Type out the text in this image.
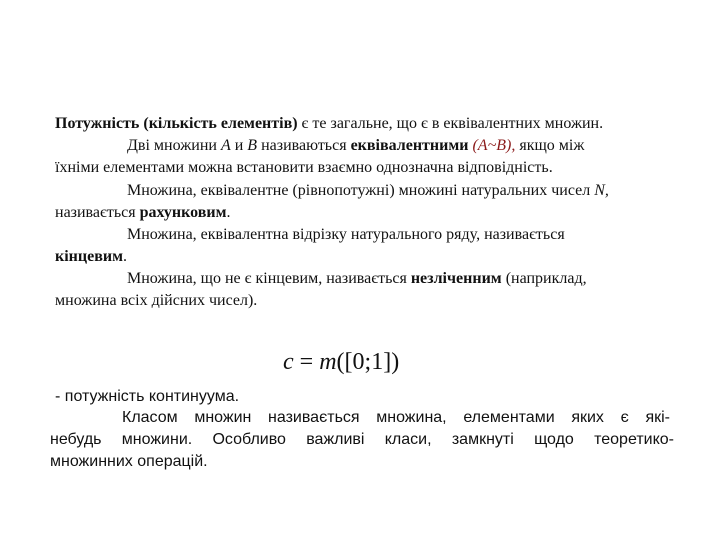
Потужність (кількість елементів) є те загальне, що є в еквівалентних множин.
Дві множини A и B називаються еквівалентними (A~B), якщо між
їхніми елементами можна встановити взаємно однозначна відповідність.
Множина, еквівалентне (рівнопотужні) множині натуральних чисел N,
називається рахунковим.
Множина, еквівалентна відрізку натурального ряду, називається
кінцевим.
Множина, що не є кінцевим, називається незліченним (наприклад,
множина всіх дійсних чисел).
c = m([0;1])
- потужність континуума.
Класом множин називається множина, елементами яких є які-
небудь множини. Особливо важливі класи, замкнуті щодо теоретико-
множинних операцій.
